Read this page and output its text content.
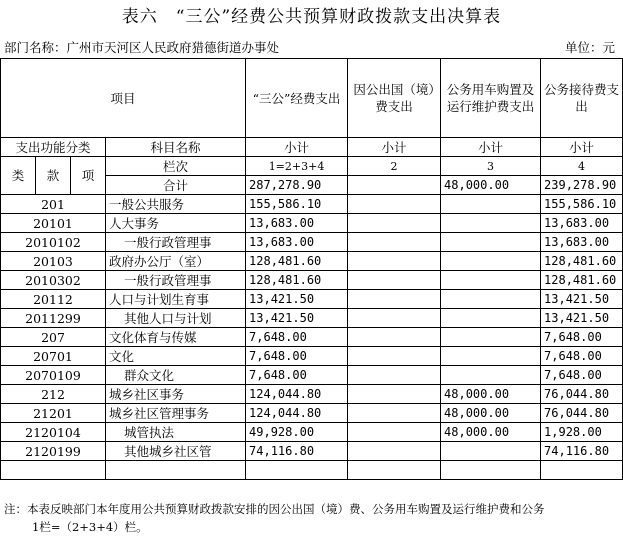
表六　“三公”经费公共预算财政拨款支出决算表
部门名称：广州市天河区人民政府猎德街道办事处	单位：元
项目				“三公”经费支出	因公出国（境）费支出	公务用车购置及运行维护费支出	公务接待费支出
支出功能分类			科目名称	小计	小计	小计	小计
类	款	项	栏次	1=2+3+4	2	3	4
			合计	287,278.90		48,000.00	239,278.90
201			一般公共服务	155,586.10			155,586.10
20101			人大事务	13,683.00			13,683.00
2010102			一般行政管理事	13,683.00			13,683.00
20103			政府办公厅（室）	128,481.60			128,481.60
2010302			一般行政管理事	128,481.60			128,481.60
20112			人口与计划生育事	13,421.50			13,421.50
2011299			其他人口与计划	13,421.50			13,421.50
207			文化体育与传媒	7,648.00			7,648.00
20701			文化	7,648.00			7,648.00
2070109			群众文化	7,648.00			7,648.00
212			城乡社区事务	124,044.80		48,000.00	76,044.80
21201			城乡社区管理事务	124,044.80		48,000.00	76,044.80
2120104			城管执法	49,928.00		48,000.00	1,928.00
2120199			其他城乡社区管	74,116.80			74,116.80

注：本表反映部门本年度用公共预算财政拨款安排的因公出国（境）费、公务用车购置及运行维护费和公务
1栏=（2+3+4）栏。
